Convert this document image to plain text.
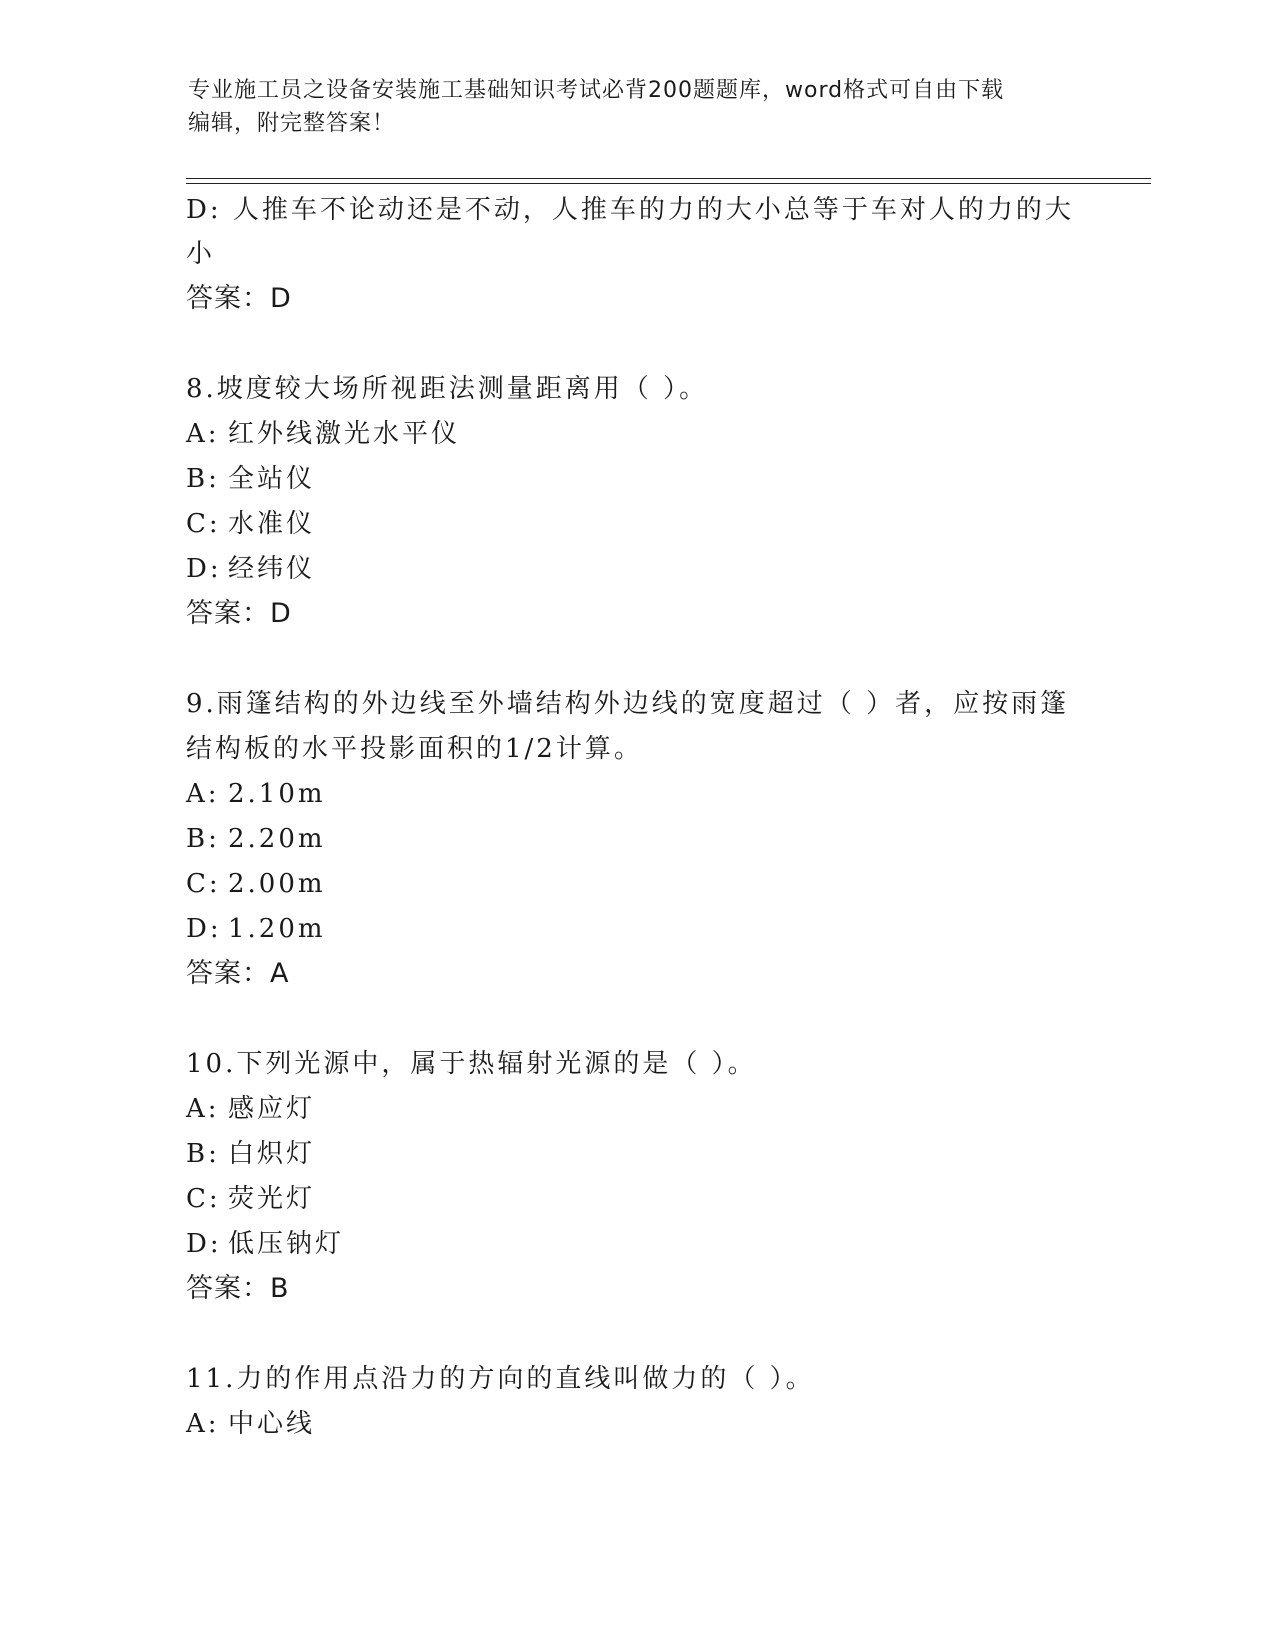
专业施工员之设备安装施工基础知识考试必背200题题库，word格式可自由下载
编辑，附完整答案！
D: 人推车不论动还是不动，人推车的力的大小总等于车对人的力的大
小
答案：D
8.坡度较大场所视距法测量距离用（ ）。
A: 红外线激光水平仪
B: 全站仪
C: 水准仪
D: 经纬仪
答案：D
9.雨篷结构的外边线至外墙结构外边线的宽度超过（ ）者，应按雨篷
结构板的水平投影面积的1/2计算。
A: 2.10m
B: 2.20m
C: 2.00m
D: 1.20m
答案：A
10.下列光源中，属于热辐射光源的是（ ）。
A: 感应灯
B: 白炽灯
C: 荧光灯
D: 低压钠灯
答案：B
11.力的作用点沿力的方向的直线叫做力的（ ）。
A: 中心线
